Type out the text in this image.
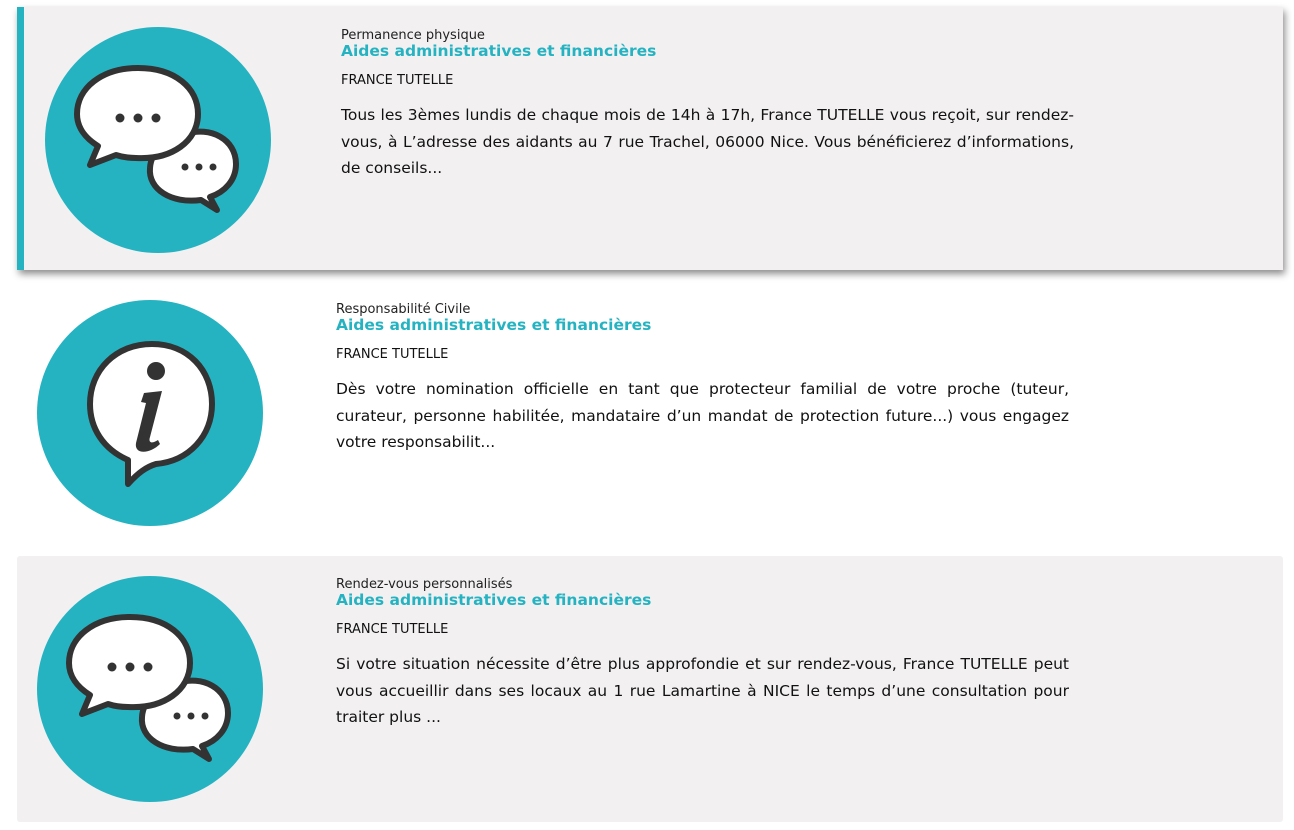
Permanence physique
Aides administratives et financières
FRANCE TUTELLE
Tous les 3èmes lundis de chaque mois de 14h à 17h, France TUTELLE vous reçoit, sur rendez-vous, à L’adresse des aidants au 7 rue Trachel, 06000 Nice. Vous bénéficierez d’informations, de conseils...
Responsabilité Civile
Aides administratives et financières
FRANCE TUTELLE
Dès votre nomination officielle en tant que protecteur familial de votre proche (tuteur, curateur, personne habilitée, mandataire d’un mandat de protection future...) vous engagez votre responsabilit...
Rendez-vous personnalisés
Aides administratives et financières
FRANCE TUTELLE
Si votre situation nécessite d’être plus approfondie et sur rendez-vous, France TUTELLE peut vous accueillir dans ses locaux au 1 rue Lamartine à NICE le temps d’une consultation pour traiter plus ...
